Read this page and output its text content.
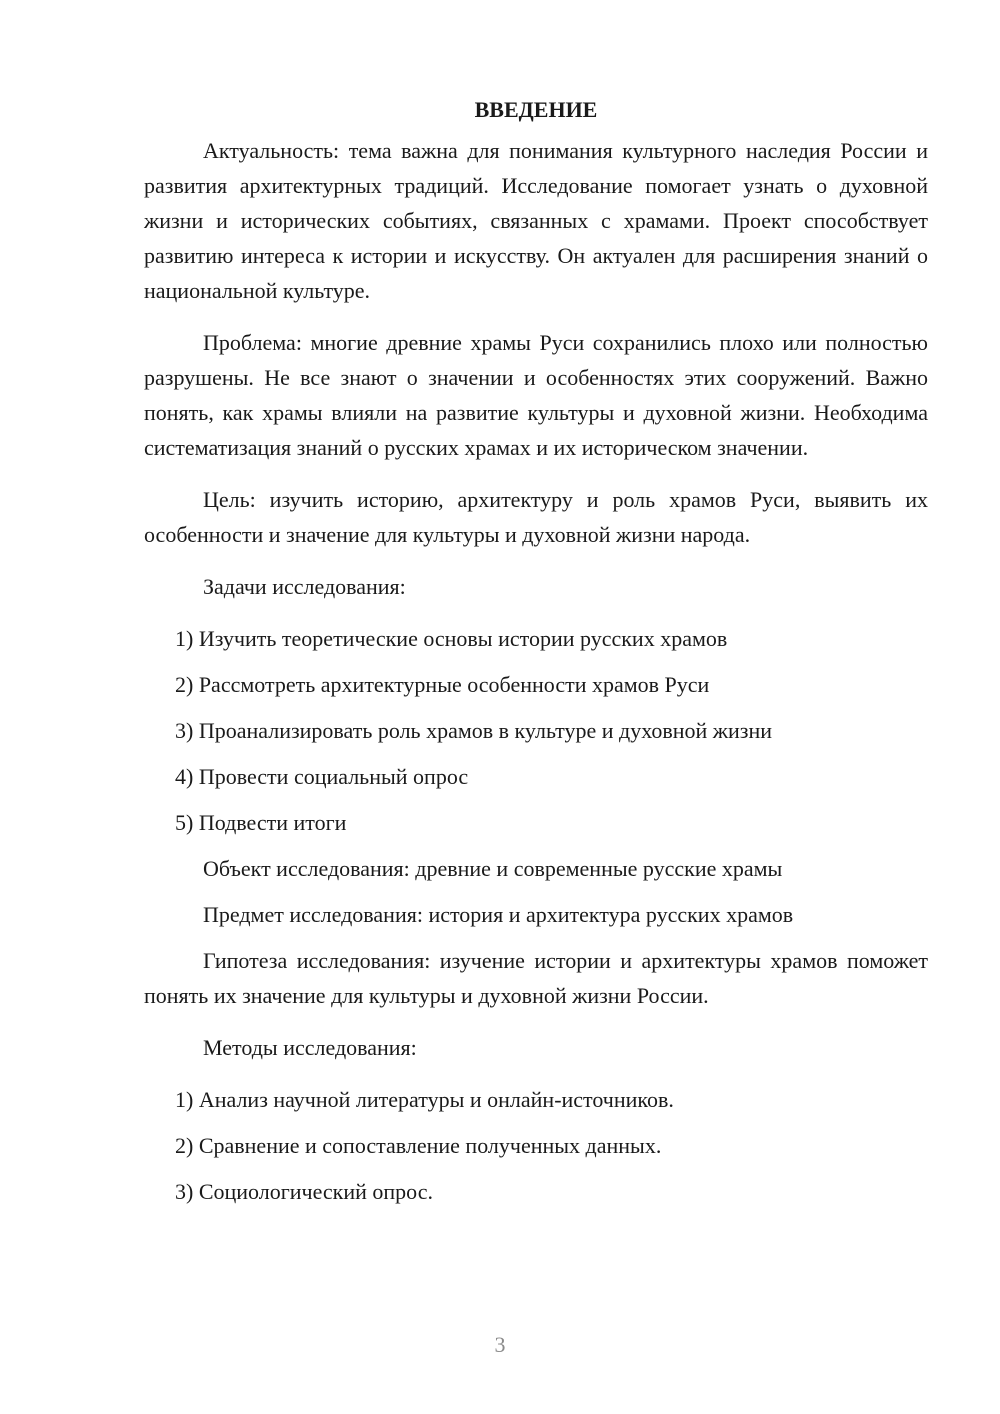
ВВЕДЕНИЕ

Актуальность: тема важна для понимания культурного наследия России и развития архитектурных традиций. Исследование помогает узнать о духовной жизни и исторических событиях, связанных с храмами. Проект способствует развитию интереса к истории и искусству. Он актуален для расширения знаний о национальной культуре.

Проблема: многие древние храмы Руси сохранились плохо или полностью разрушены. Не все знают о значении и особенностях этих сооружений. Важно понять, как храмы влияли на развитие культуры и духовной жизни. Необходима систематизация знаний о русских храмах и их историческом значении.

Цель: изучить историю, архитектуру и роль храмов Руси, выявить их особенности и значение для культуры и духовной жизни народа.

Задачи исследования:

1) Изучить теоретические основы истории русских храмов

2) Рассмотреть архитектурные особенности храмов Руси

3) Проанализировать роль храмов в культуре и духовной жизни

4) Провести социальный опрос

5) Подвести итоги

Объект исследования: древние и современные русские храмы

Предмет исследования: история и архитектура русских храмов

Гипотеза исследования: изучение истории и архитектуры храмов поможет понять их значение для культуры и духовной жизни России.

Методы исследования:

1) Анализ научной литературы и онлайн-источников.

2) Сравнение и сопоставление полученных данных.

3) Социологический опрос.

3
